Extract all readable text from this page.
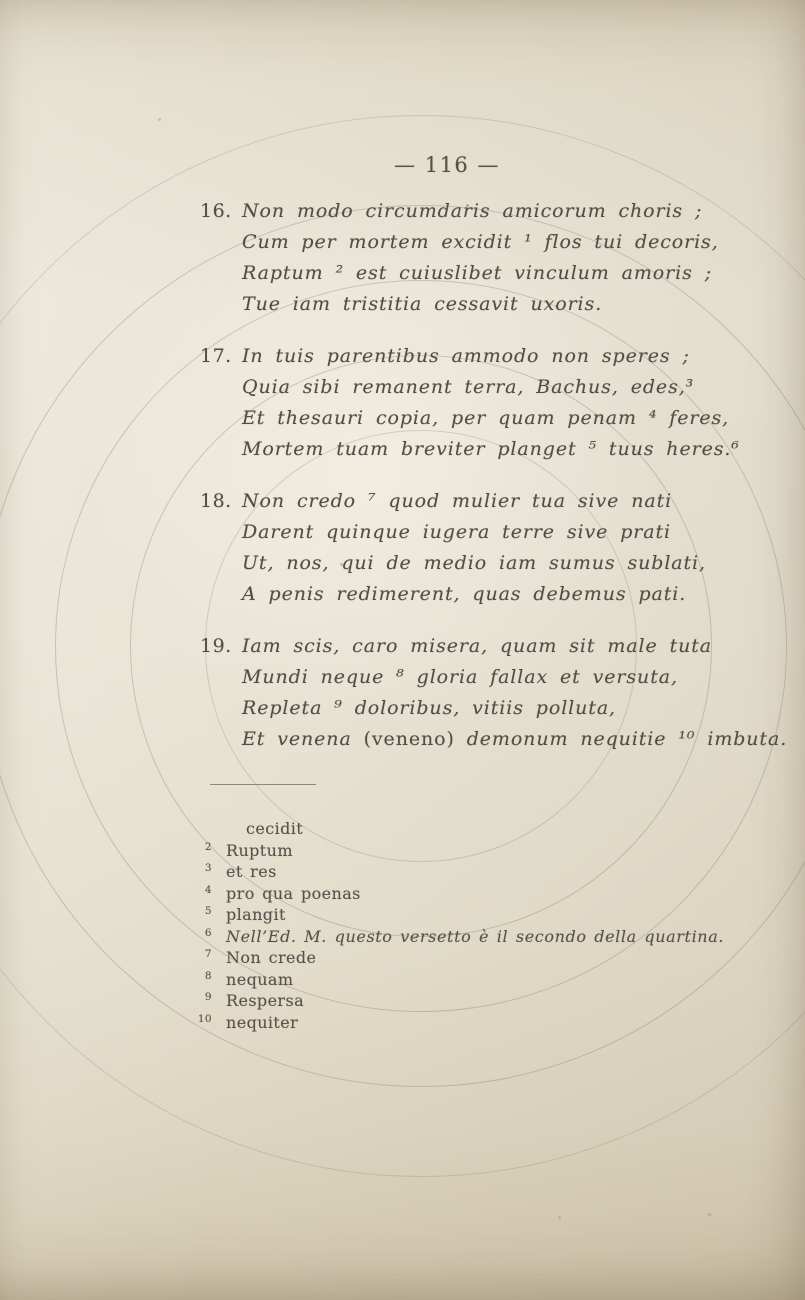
— 116 —
16. Non modo circumdaris amicorum choris ;
Cum per mortem excidit ¹ flos tui decoris,
Raptum ² est cuiuslibet vinculum amoris ;
Tue iam tristitia cessavit uxoris.
17. In tuis parentibus ammodo non speres ;
Quia sibi remanent terra, Bachus, edes,³
Et thesauri copia, per quam penam ⁴ feres,
Mortem tuam breviter planget ⁵ tuus heres.⁶
18. Non credo ⁷ quod mulier tua sive nati
Darent quinque iugera terre sive prati
Ut, nos, qui de medio iam sumus sublati,
A penis redimerent, quas debemus pati.
19. Iam scis, caro misera, quam sit male tuta
Mundi neque ⁸ gloria fallax et versuta,
Repleta ⁹ doloribus, vitiis polluta,
Et venena (veneno) demonum nequitie ¹⁰ imbuta.
cecidit
2 Ruptum
3 et res
4 pro qua poenas
5 plangit
6 Nell’Ed. M. questo versetto è il secondo della quartina.
7 Non crede
8 nequam
9 Respersa
10 nequiter
